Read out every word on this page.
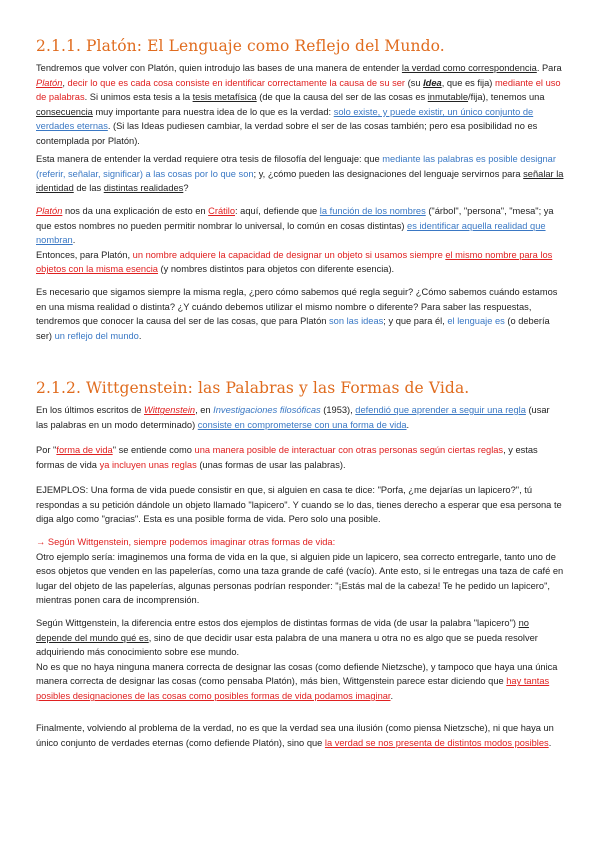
2.1.1. Platón: El Lenguaje como Reflejo del Mundo.

Tendremos que volver con Platón, quien introdujo las bases de una manera de entender la verdad como correspondencia. Para Platón, decir lo que es cada cosa consiste en identificar correctamente la causa de su ser (su Idea, que es fija) mediante el uso de palabras. Si unimos esta tesis a la tesis metafísica (de que la causa del ser de las cosas es inmutable/fija), tenemos una consecuencia muy importante para nuestra idea de lo que es la verdad: solo existe, y puede existir, un único conjunto de verdades eternas. (Si las Ideas pudiesen cambiar, la verdad sobre el ser de las cosas también; pero esa posibilidad no es contemplada por Platón).

Esta manera de entender la verdad requiere otra tesis de filosofía del lenguaje: que mediante las palabras es posible designar (referir, señalar, significar) a las cosas por lo que son; y, ¿cómo pueden las designaciones del lenguaje servirnos para señalar la identidad de las distintas realidades?

Platón nos da una explicación de esto en Crátilo: aquí, defiende que la función de los nombres ("árbol", "persona", "mesa"; ya que estos nombres no pueden permitir nombrar lo universal, lo común en cosas distintas) es identificar aquella realidad que nombran.
Entonces, para Platón, un nombre adquiere la capacidad de designar un objeto si usamos siempre el mismo nombre para los objetos con la misma esencia (y nombres distintos para objetos con diferente esencia).

Es necesario que sigamos siempre la misma regla, ¿pero cómo sabemos qué regla seguir? ¿Cómo sabemos cuándo estamos en una misma realidad o distinta? ¿Y cuándo debemos utilizar el mismo nombre o diferente? Para saber las respuestas, tendremos que conocer la causa del ser de las cosas, que para Platón son las ideas; y que para él, el lenguaje es (o debería ser) un reflejo del mundo.

2.1.2. Wittgenstein: las Palabras y las Formas de Vida.

En los últimos escritos de Wittgenstein, en Investigaciones filosóficas (1953), defendió que aprender a seguir una regla (usar las palabras en un modo determinado) consiste en comprometerse con una forma de vida.

Por "forma de vida" se entiende como una manera posible de interactuar con otras personas según ciertas reglas, y estas formas de vida ya incluyen unas reglas (unas formas de usar las palabras).

EJEMPLOS: Una forma de vida puede consistir en que, si alguien en casa te dice: "Porfa, ¿me dejarías un lapicero?", tú respondas a su petición dándole un objeto llamado "lapicero". Y cuando se lo das, tienes derecho a esperar que esa persona te diga algo como "gracias". Esta es una posible forma de vida. Pero solo una posible.

→ Según Wittgenstein, siempre podemos imaginar otras formas de vida:
Otro ejemplo sería: imaginemos una forma de vida en la que, si alguien pide un lapicero, sea correcto entregarle, tanto uno de esos objetos que venden en las papelerías, como una taza grande de café (vacío). Ante esto, si le entregas una taza de café en lugar del objeto de las papelerías, algunas personas podrían responder: "¡Estás mal de la cabeza! Te he pedido un lapicero", mientras ponen cara de incomprensión.

Según Wittgenstein, la diferencia entre estos dos ejemplos de distintas formas de vida (de usar la palabra "lapicero") no depende del mundo qué es, sino de que decidir usar esta palabra de una manera u otra no es algo que se pueda resolver adquiriendo más conocimiento sobre ese mundo.
No es que no haya ninguna manera correcta de designar las cosas (como defiende Nietzsche), y tampoco que haya una única manera correcta de designar las cosas (como pensaba Platón), más bien, Wittgenstein parece estar diciendo que hay tantas posibles designaciones de las cosas como posibles formas de vida podamos imaginar.

Finalmente, volviendo al problema de la verdad, no es que la verdad sea una ilusión (como piensa Nietzsche), ni que haya un único conjunto de verdades eternas (como defiende Platón), sino que la verdad se nos presenta de distintos modos posibles.
